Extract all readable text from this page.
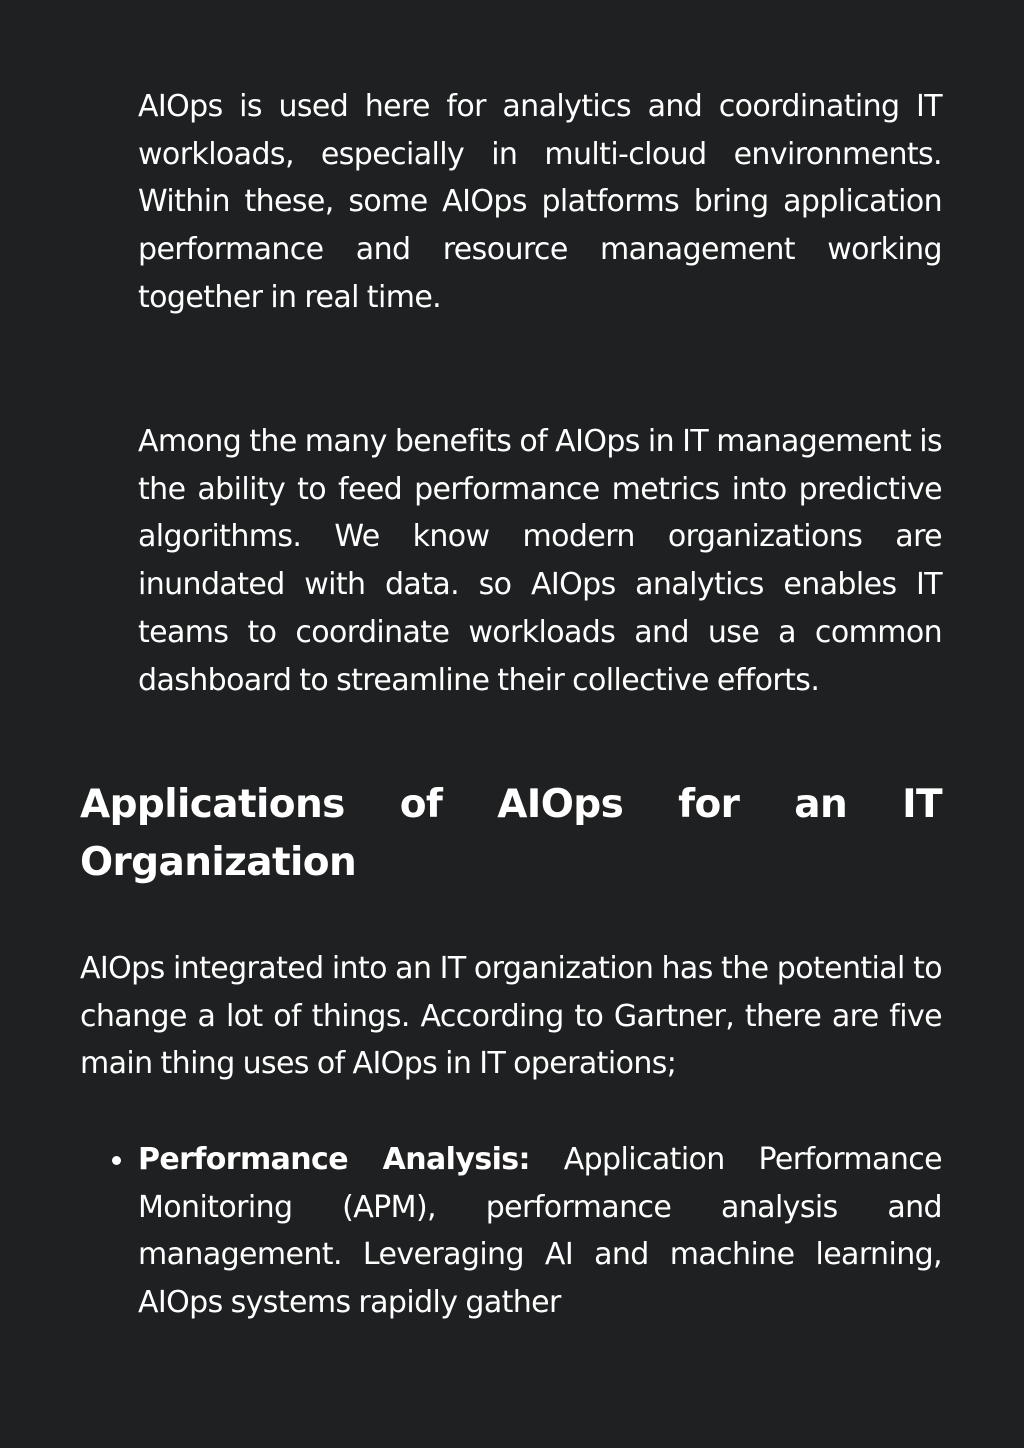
AIOps is used here for analytics and coordinating IT workloads, especially in multi-cloud environments. Within these, some AIOps platforms bring application performance and resource management working together in real time.

Among the many benefits of AIOps in IT management is the ability to feed performance metrics into predictive algorithms. We know modern organizations are inundated with data. so AIOps analytics enables IT teams to coordinate workloads and use a common dashboard to streamline their collective efforts.

Applications of AIOps for an IT Organization

AIOps integrated into an IT organization has the potential to change a lot of things. According to Gartner, there are five main thing uses of AIOps in IT operations;

Performance Analysis: Application Performance Monitoring (APM), performance analysis and management. Leveraging AI and machine learning, AIOps systems rapidly gather
